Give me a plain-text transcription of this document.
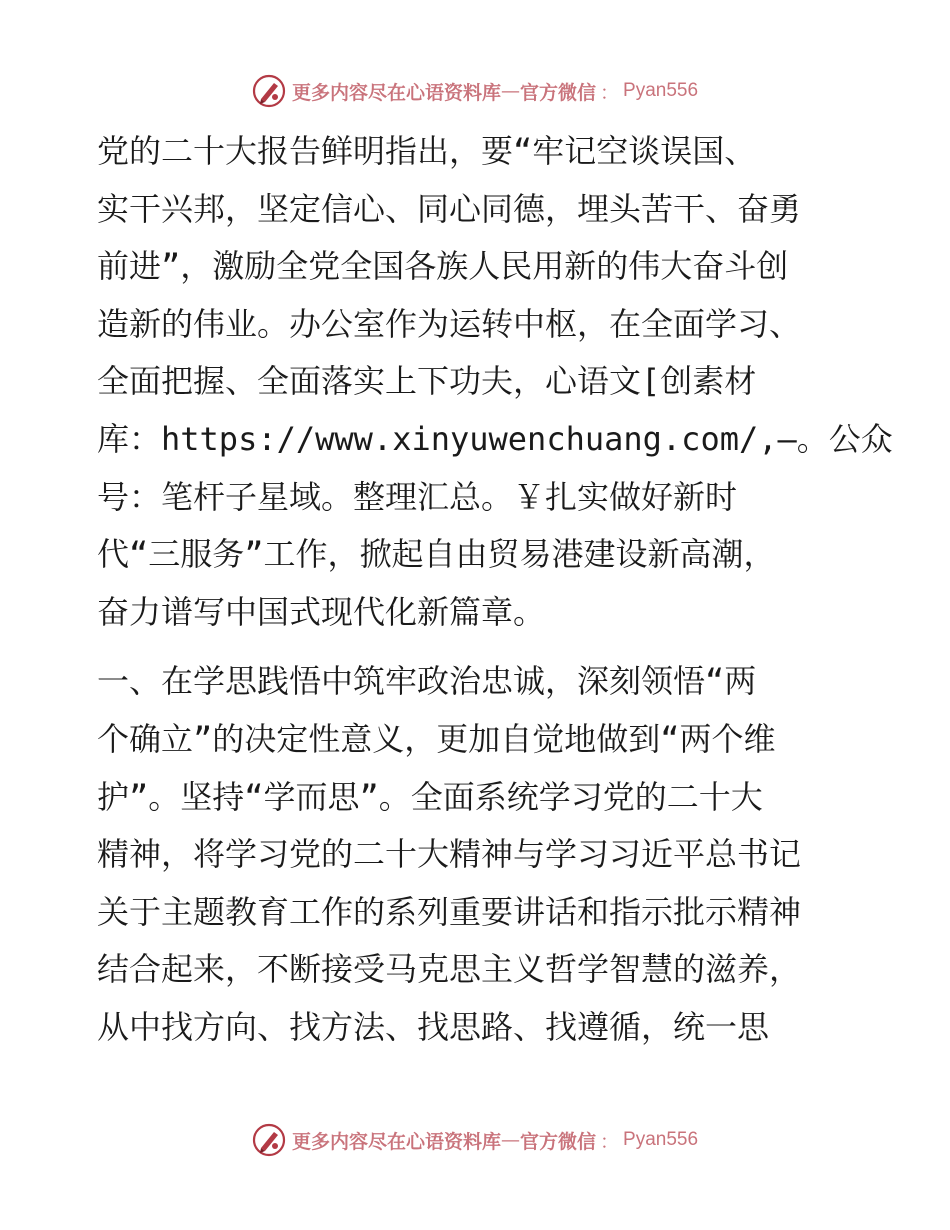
更多内容尽在心语资料库 — 官方微信 ： Pyan556

党的二十大报告鲜明指出，要“牢记空谈误国、
实干兴邦，坚定信心、同心同德，埋头苦干、奋勇
前进”，激励全党全国各族人民用新的伟大奋斗创
造新的伟业。办公室作为运转中枢，在全面学习、
全面把握、全面落实上下功夫，心语文[创素材
库：https://www.xinyuwenchuang.com/,—。公众
号：笔杆子星域。整理汇总。￥扎实做好新时
代“三服务”工作，掀起自由贸易港建设新高潮，
奋力谱写中国式现代化新篇章。

一、在学思践悟中筑牢政治忠诚，深刻领悟“两
个确立”的决定性意义，更加自觉地做到“两个维
护”。坚持“学而思”。全面系统学习党的二十大
精神，将学习党的二十大精神与学习习近平总书记
关于主题教育工作的系列重要讲话和指示批示精神
结合起来，不断接受马克思主义哲学智慧的滋养，
从中找方向、找方法、找思路、找遵循，统一思

更多内容尽在心语资料库 — 官方微信 ： Pyan556
